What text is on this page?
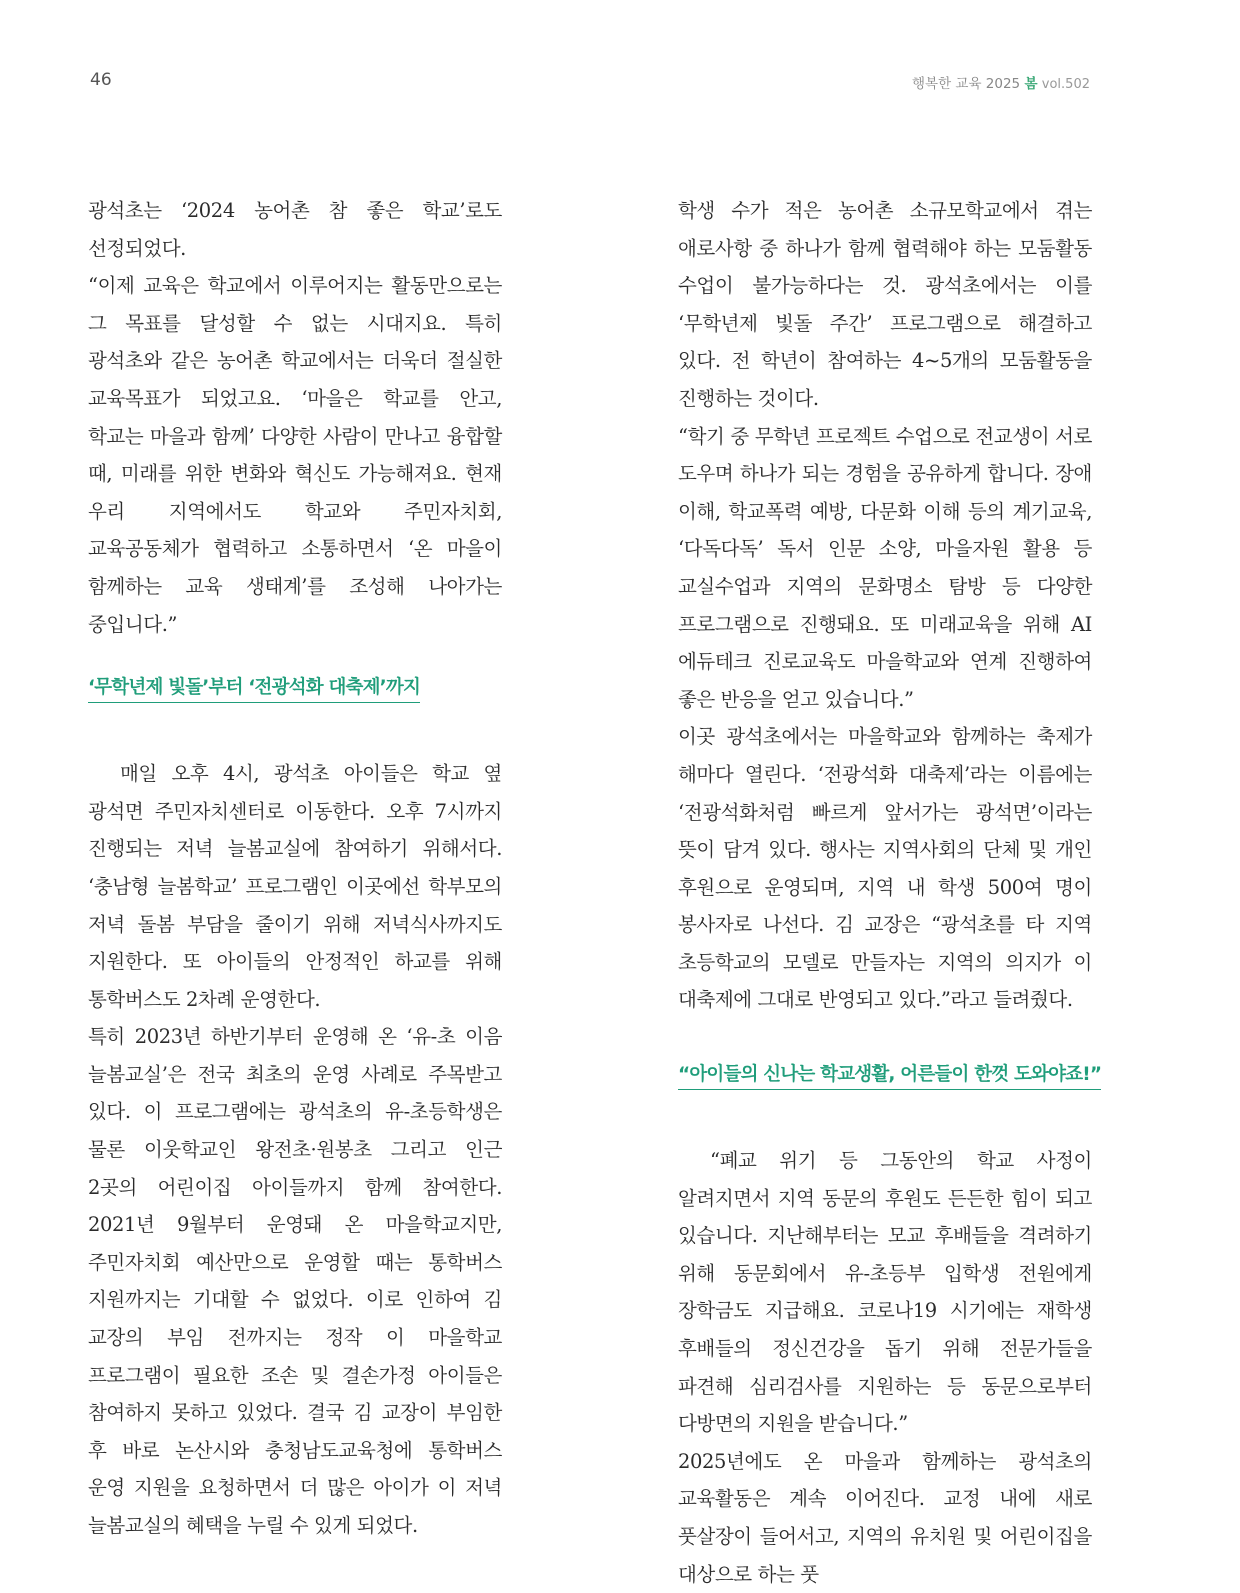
46	행복한 교육 2025 봄 vol.502

광석초는 ‘2024 농어촌 참 좋은 학교’로도 선정되었다.

“이제 교육은 학교에서 이루어지는 활동만으로는 그 목표를 달성할 수 없는 시대지요. 특히 광석초와 같은 농어촌 학교에서는 더욱더 절실한 교육목표가 되었고요. ‘마을은 학교를 안고, 학교는 마을과 함께’ 다양한 사람이 만나고 융합할 때, 미래를 위한 변화와 혁신도 가능해져요. 현재 우리 지역에서도 학교와 주민자치회, 교육공동체가 협력하고 소통하면서 ‘온 마을이 함께하는 교육 생태계’를 조성해 나아가는 중입니다.”

‘무학년제 빛돌’부터 ‘전광석화 대축제’까지

매일 오후 4시, 광석초 아이들은 학교 옆 광석면 주민자치센터로 이동한다. 오후 7시까지 진행되는 저녁 늘봄교실에 참여하기 위해서다. ‘충남형 늘봄학교’ 프로그램인 이곳에선 학부모의 저녁 돌봄 부담을 줄이기 위해 저녁식사까지도 지원한다. 또 아이들의 안정적인 하교를 위해 통학버스도 2차례 운영한다.

특히 2023년 하반기부터 운영해 온 ‘유-초 이음 늘봄교실’은 전국 최초의 운영 사례로 주목받고 있다. 이 프로그램에는 광석초의 유-초등학생은 물론 이웃학교인 왕전초·원봉초 그리고 인근 2곳의 어린이집 아이들까지 함께 참여한다. 2021년 9월부터 운영돼 온 마을학교지만, 주민자치회 예산만으로 운영할 때는 통학버스 지원까지는 기대할 수 없었다. 이로 인하여 김 교장의 부임 전까지는 정작 이 마을학교 프로그램이 필요한 조손 및 결손가정 아이들은 참여하지 못하고 있었다. 결국 김 교장이 부임한 후 바로 논산시와 충청남도교육청에 통학버스 운영 지원을 요청하면서 더 많은 아이가 이 저녁 늘봄교실의 혜택을 누릴 수 있게 되었다.

학생 수가 적은 농어촌 소규모학교에서 겪는 애로사항 중 하나가 함께 협력해야 하는 모둠활동 수업이 불가능하다는 것. 광석초에서는 이를 ‘무학년제 빛돌 주간’ 프로그램으로 해결하고 있다. 전 학년이 참여하는 4~5개의 모둠활동을 진행하는 것이다.

“학기 중 무학년 프로젝트 수업으로 전교생이 서로 도우며 하나가 되는 경험을 공유하게 합니다. 장애 이해, 학교폭력 예방, 다문화 이해 등의 계기교육, ‘다독다독’ 독서 인문 소양, 마을자원 활용 등 교실수업과 지역의 문화명소 탐방 등 다양한 프로그램으로 진행돼요. 또 미래교육을 위해 AI 에듀테크 진로교육도 마을학교와 연계 진행하여 좋은 반응을 얻고 있습니다.”

이곳 광석초에서는 마을학교와 함께하는 축제가 해마다 열린다. ‘전광석화 대축제’라는 이름에는 ‘전광석화처럼 빠르게 앞서가는 광석면’이라는 뜻이 담겨 있다. 행사는 지역사회의 단체 및 개인 후원으로 운영되며, 지역 내 학생 500여 명이 봉사자로 나선다. 김 교장은 “광석초를 타 지역 초등학교의 모델로 만들자는 지역의 의지가 이 대축제에 그대로 반영되고 있다.”라고 들려줬다.

“아이들의 신나는 학교생활, 어른들이 한껏 도와야죠!”

“폐교 위기 등 그동안의 학교 사정이 알려지면서 지역 동문의 후원도 든든한 힘이 되고 있습니다. 지난해부터는 모교 후배들을 격려하기 위해 동문회에서 유-초등부 입학생 전원에게 장학금도 지급해요. 코로나19 시기에는 재학생 후배들의 정신건강을 돕기 위해 전문가들을 파견해 심리검사를 지원하는 등 동문으로부터 다방면의 지원을 받습니다.”

2025년에도 온 마을과 함께하는 광석초의 교육활동은 계속 이어진다. 교정 내에 새로 풋살장이 들어서고, 지역의 유치원 및 어린이집을 대상으로 하는 풋
